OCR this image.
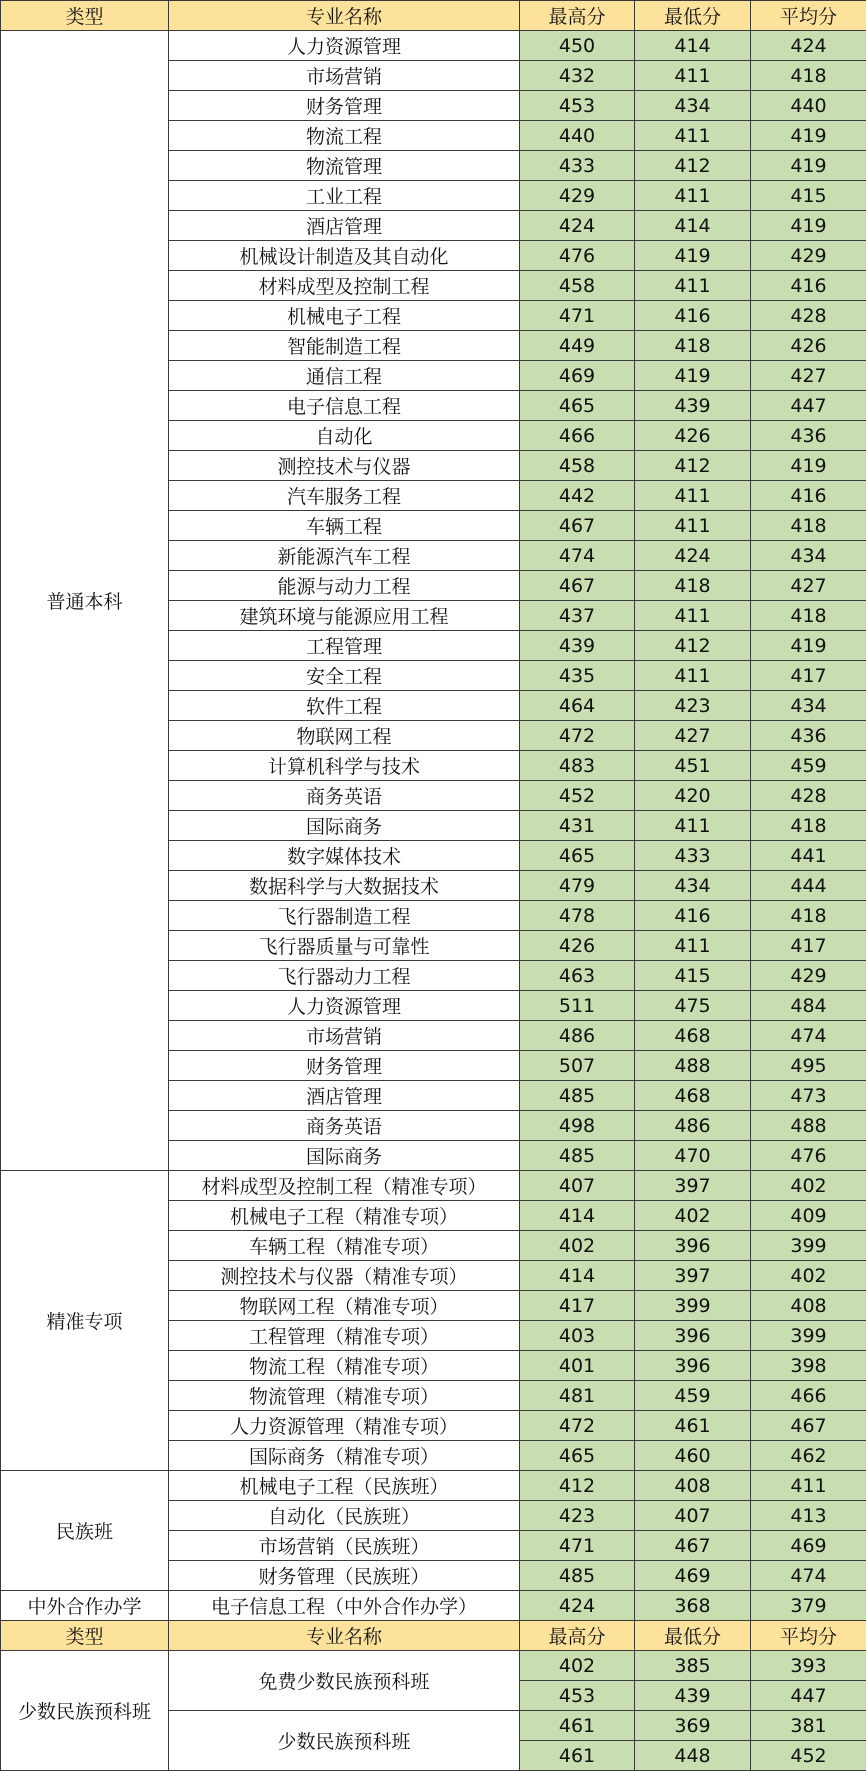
类型	专业名称	最高分	最低分	平均分
普通本科	人力资源管理	450	414	424
	市场营销	432	411	418
	财务管理	453	434	440
	物流工程	440	411	419
	物流管理	433	412	419
	工业工程	429	411	415
	酒店管理	424	414	419
	机械设计制造及其自动化	476	419	429
	材料成型及控制工程	458	411	416
	机械电子工程	471	416	428
	智能制造工程	449	418	426
	通信工程	469	419	427
	电子信息工程	465	439	447
	自动化	466	426	436
	测控技术与仪器	458	412	419
	汽车服务工程	442	411	416
	车辆工程	467	411	418
	新能源汽车工程	474	424	434
	能源与动力工程	467	418	427
	建筑环境与能源应用工程	437	411	418
	工程管理	439	412	419
	安全工程	435	411	417
	软件工程	464	423	434
	物联网工程	472	427	436
	计算机科学与技术	483	451	459
	商务英语	452	420	428
	国际商务	431	411	418
	数字媒体技术	465	433	441
	数据科学与大数据技术	479	434	444
	飞行器制造工程	478	416	418
	飞行器质量与可靠性	426	411	417
	飞行器动力工程	463	415	429
	人力资源管理	511	475	484
	市场营销	486	468	474
	财务管理	507	488	495
	酒店管理	485	468	473
	商务英语	498	486	488
	国际商务	485	470	476
精准专项	材料成型及控制工程（精准专项）	407	397	402
	机械电子工程（精准专项）	414	402	409
	车辆工程（精准专项）	402	396	399
	测控技术与仪器（精准专项）	414	397	402
	物联网工程（精准专项）	417	399	408
	工程管理（精准专项）	403	396	399
	物流工程（精准专项）	401	396	398
	物流管理（精准专项）	481	459	466
	人力资源管理（精准专项）	472	461	467
	国际商务（精准专项）	465	460	462
民族班	机械电子工程（民族班）	412	408	411
	自动化（民族班）	423	407	413
	市场营销（民族班）	471	467	469
	财务管理（民族班）	485	469	474
中外合作办学	电子信息工程（中外合作办学）	424	368	379
类型	专业名称	最高分	最低分	平均分
少数民族预科班	免费少数民族预科班	402	385	393
		453	439	447
	少数民族预科班	461	369	381
		461	448	452
